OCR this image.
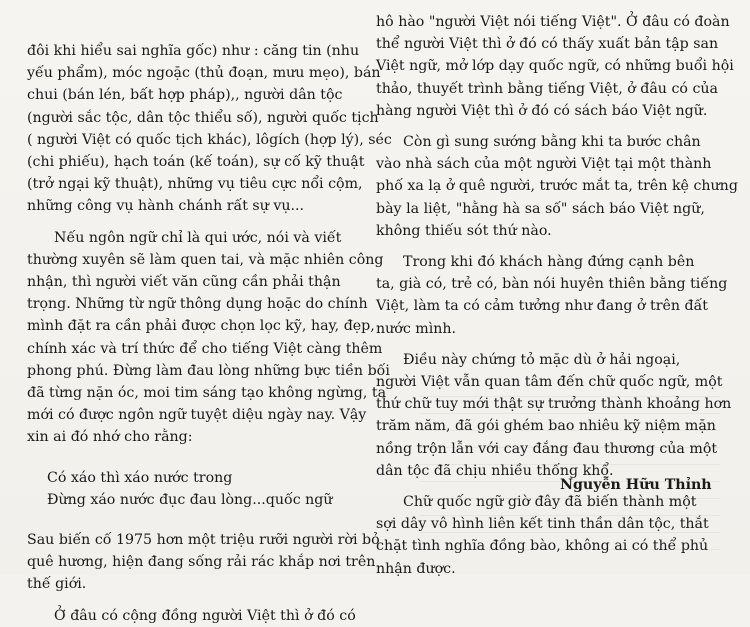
đôi khi hiểu sai nghĩa gốc) như : căng tin (nhu
yếu phẩm), móc ngoặc (thủ đoạn, mưu mẹo), bán
chui (bán lén, bất hợp pháp),, người dân tộc
(người sắc tộc, dân tộc thiểu số), người quốc tịch
( người Việt có quốc tịch khác), lôgích (hợp lý), séc
(chi phiếu), hạch toán (kế toán), sự cố kỹ thuật
(trở ngại kỹ thuật), những vụ tiêu cực nổi cộm,
những công vụ hành chánh rất sự vụ...
Nếu ngôn ngữ chỉ là qui ước, nói và viết
thường xuyên sẽ làm quen tai, và mặc nhiên công
nhận, thì người viết văn cũng cần phải thận
trọng. Những từ ngữ thông dụng hoặc do chính
mình đặt ra cần phải được chọn lọc kỹ, hay, đẹp,
chính xác và trí thức để cho tiếng Việt càng thêm
phong phú. Đừng làm đau lòng những bực tiền bối
đã từng nặn óc, moi tim sáng tạo không ngừng, ta
mới có được ngôn ngữ tuyệt diệu ngày nay. Vậy
xin ai đó nhớ cho rằng:
Có xáo thì xáo nước trong
Đừng xáo nước đục đau lòng...quốc ngữ
Sau biến cố 1975 hơn một triệu rưỡi người rời bỏ
quê hương, hiện đang sống rải rác khắp nơi trên
thế giới.
Ở đâu có cộng đồng người Việt thì ở đó có
hô hào "người Việt nói tiếng Việt". Ở đâu có đoàn
thể người Việt thì ở đó có thấy xuất bản tập san
Việt ngữ, mở lớp dạy quốc ngữ, có những buổi hội
thảo, thuyết trình bằng tiếng Việt, ở đâu có của
hàng người Việt thì ở đó có sách báo Việt ngữ.
Còn gì sung sướng bằng khi ta bước chân
vào nhà sách của một người Việt tại một thành
phố xa lạ ở quê người, trước mắt ta, trên kệ chưng
bày la liệt, "hằng hà sa số" sách báo Việt ngữ,
không thiếu sót thứ nào.
Trong khi đó khách hàng đứng cạnh bên
ta, già có, trẻ có, bàn nói huyên thiên bằng tiếng
Việt, làm ta có cảm tưởng như đang ở trên đất
nước mình.
Điều này chứng tỏ mặc dù ở hải ngoại,
người Việt vẫn quan tâm đến chữ quốc ngữ, một
thứ chữ tuy mới thật sự trưởng thành khoảng hơn
trăm năm, đã gói ghém bao nhiêu kỹ niệm mặn
nồng trộn lẫn với cay đắng đau thương của một
dân tộc đã chịu nhiều thống khổ.
Chữ quốc ngữ giờ đây đã biến thành một
sợi dây vô hình liên kết tinh thần dân tộc, thắt
chặt tình nghĩa đồng bào, không ai có thể phủ
nhận được.
Nguyễn Hữu Thỉnh
